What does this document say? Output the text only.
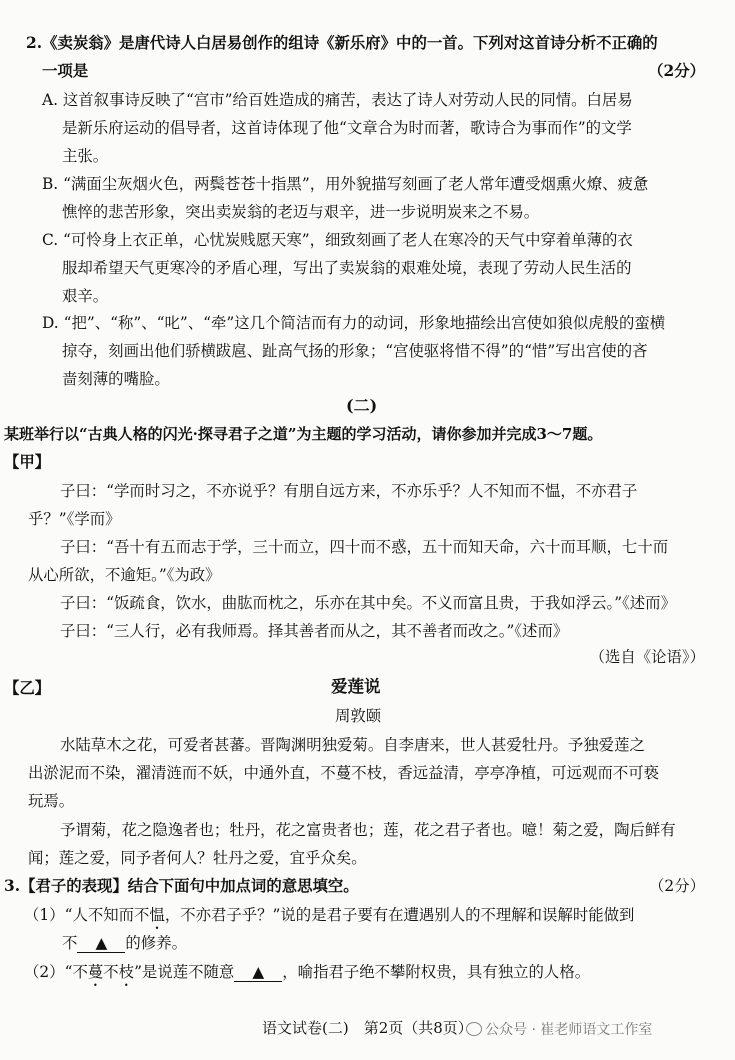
2.《卖炭翁》是唐代诗人白居易创作的组诗《新乐府》中的一首。下列对这首诗分析不正确的
一项是	（2分）
A. 这首叙事诗反映了“宫市”给百姓造成的痛苦，表达了诗人对劳动人民的同情。白居易
是新乐府运动的倡导者，这首诗体现了他“文章合为时而著，歌诗合为事而作”的文学
主张。
B. “满面尘灰烟火色，两鬓苍苍十指黑”，用外貌描写刻画了老人常年遭受烟熏火燎、疲惫
憔悴的悲苦形象，突出卖炭翁的老迈与艰辛，进一步说明炭来之不易。
C. “可怜身上衣正单，心忧炭贱愿天寒”，细致刻画了老人在寒冷的天气中穿着单薄的衣
服却希望天气更寒冷的矛盾心理，写出了卖炭翁的艰难处境，表现了劳动人民生活的
艰辛。
D. “把”、“称”、“叱”、“牵”这几个简洁而有力的动词，形象地描绘出宫使如狼似虎般的蛮横
掠夺，刻画出他们骄横跋扈、趾高气扬的形象；“宫使驱将惜不得”的“惜”写出宫使的吝
啬刻薄的嘴脸。
(二)
某班举行以“古典人格的闪光·探寻君子之道”为主题的学习活动，请你参加并完成3～7题。
【甲】
子曰：“学而时习之，不亦说乎？有朋自远方来，不亦乐乎？人不知而不愠，不亦君子
乎？”《学而》
子曰：“吾十有五而志于学，三十而立，四十而不惑，五十而知天命，六十而耳顺，七十而
从心所欲，不逾矩。”《为政》
子曰：“饭疏食，饮水，曲肱而枕之，乐亦在其中矣。不义而富且贵，于我如浮云。”《述而》
子曰：“三人行，必有我师焉。择其善者而从之，其不善者而改之。”《述而》
（选自《论语》）
【乙】	爱莲说
周敦颐
水陆草木之花，可爱者甚蕃。晋陶渊明独爱菊。自李唐来，世人甚爱牡丹。予独爱莲之
出淤泥而不染，濯清涟而不妖，中通外直，不蔓不枝，香远益清，亭亭净植，可远观而不可亵
玩焉。
予谓菊，花之隐逸者也；牡丹，花之富贵者也；莲，花之君子者也。噫！菊之爱，陶后鲜有
闻；莲之爱，同予者何人？牡丹之爱，宜乎众矣。
3.【君子的表现】结合下面句中加点词的意思填空。	（2分）
（1）“人不知而不愠，不亦君子乎？”说的是君子要有在遭遇别人的不理解和误解时能做到
不 ▲ 的修养。
（2）“不蔓不枝”是说莲不随意 ▲ ，喻指君子绝不攀附权贵，具有独立的人格。
语文试卷(二)　第2页（共8页） 公众号 · 崔老师语文工作室
